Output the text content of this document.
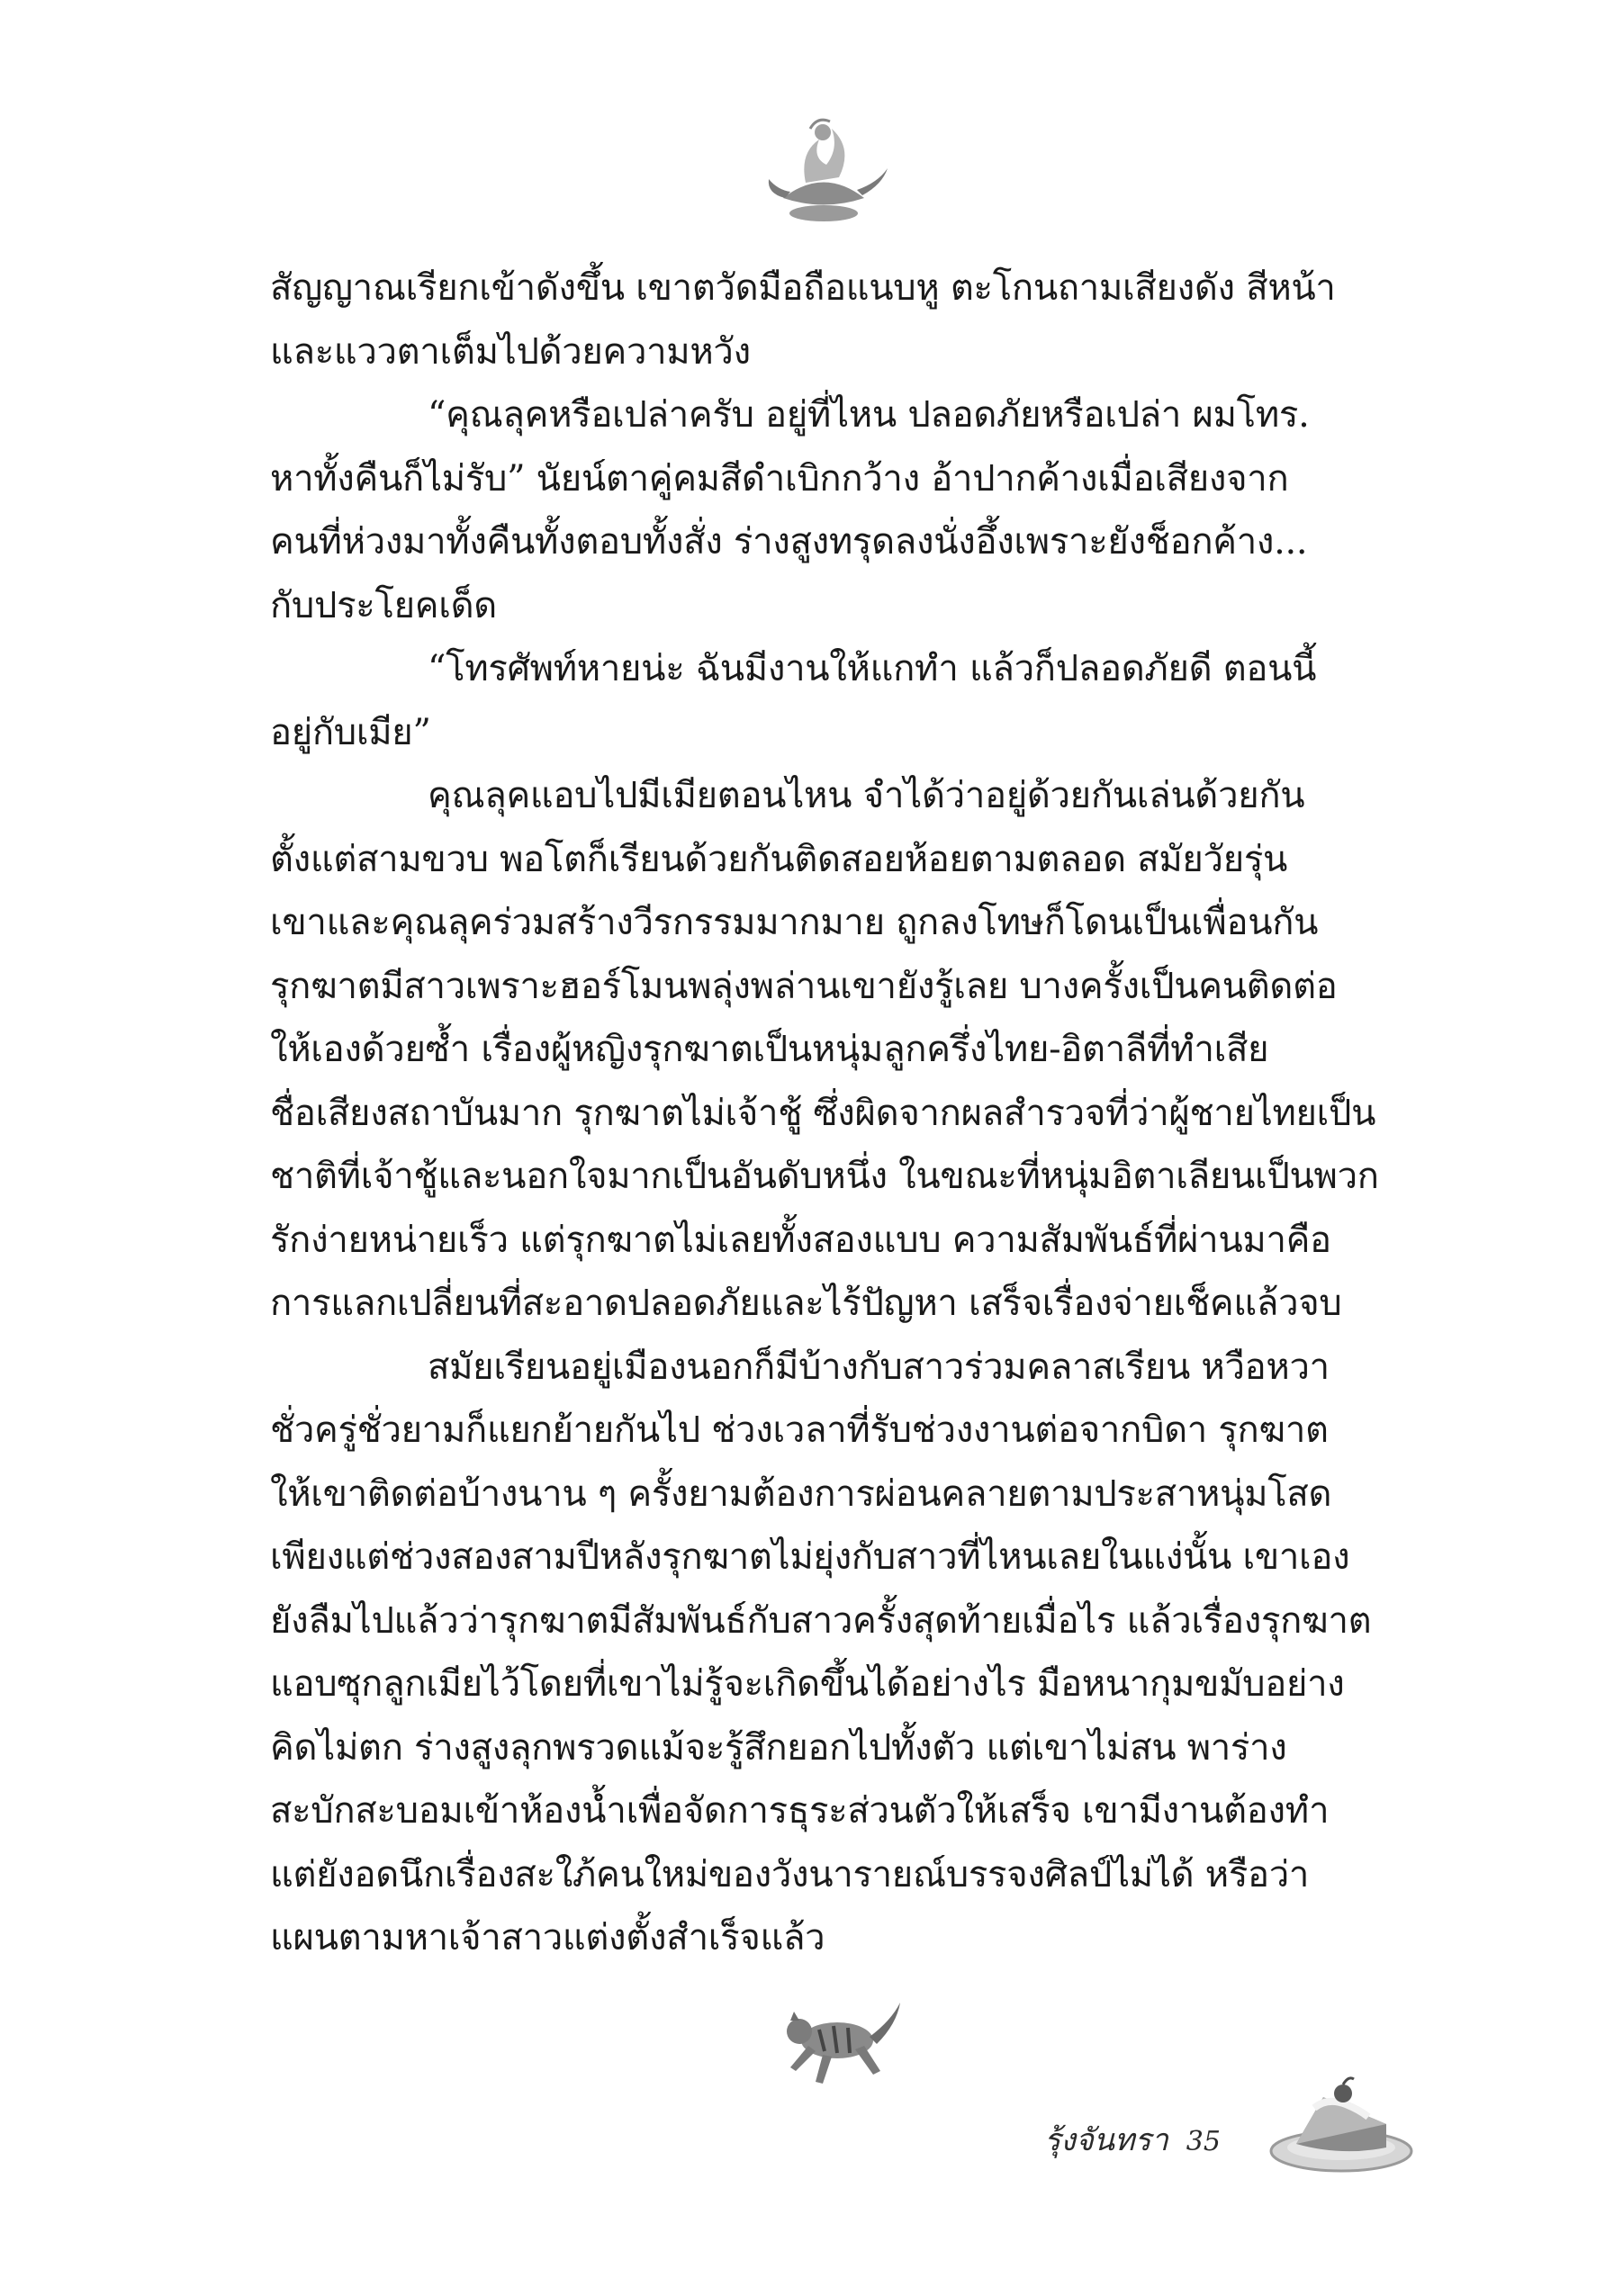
สัญญาณเรียกเข้าดังขึ้น เขาตวัดมือถือแนบหู ตะโกนถามเสียงดัง สีหน้า
และแววตาเต็มไปด้วยความหวัง
“คุณลุคหรือเปล่าครับ อยู่ที่ไหน ปลอดภัยหรือเปล่า ผมโทร.
หาทั้งคืนก็ไม่รับ” นัยน์ตาคู่คมสีดำเบิกกว้าง อ้าปากค้างเมื่อเสียงจาก
คนที่ห่วงมาทั้งคืนทั้งตอบทั้งสั่ง ร่างสูงทรุดลงนั่งอึ้งเพราะยังช็อกค้าง...
กับประโยคเด็ด
“โทรศัพท์หายน่ะ ฉันมีงานให้แกทำ แล้วก็ปลอดภัยดี ตอนนี้
อยู่กับเมีย”
คุณลุคแอบไปมีเมียตอนไหน จำได้ว่าอยู่ด้วยกันเล่นด้วยกัน
ตั้งแต่สามขวบ พอโตก็เรียนด้วยกันติดสอยห้อยตามตลอด สมัยวัยรุ่น
เขาและคุณลุคร่วมสร้างวีรกรรมมากมาย ถูกลงโทษก็โดนเป็นเพื่อนกัน
รุกฆาตมีสาวเพราะฮอร์โมนพลุ่งพล่านเขายังรู้เลย บางครั้งเป็นคนติดต่อ
ให้เองด้วยซ้ำ เรื่องผู้หญิงรุกฆาตเป็นหนุ่มลูกครึ่งไทย-อิตาลีที่ทำเสีย
ชื่อเสียงสถาบันมาก รุกฆาตไม่เจ้าชู้ ซึ่งผิดจากผลสำรวจที่ว่าผู้ชายไทยเป็น
ชาติที่เจ้าชู้และนอกใจมากเป็นอันดับหนึ่ง ในขณะที่หนุ่มอิตาเลียนเป็นพวก
รักง่ายหน่ายเร็ว แต่รุกฆาตไม่เลยทั้งสองแบบ ความสัมพันธ์ที่ผ่านมาคือ
การแลกเปลี่ยนที่สะอาดปลอดภัยและไร้ปัญหา เสร็จเรื่องจ่ายเช็คแล้วจบ
สมัยเรียนอยู่เมืองนอกก็มีบ้างกับสาวร่วมคลาสเรียน หวือหวา
ชั่วครู่ชั่วยามก็แยกย้ายกันไป ช่วงเวลาที่รับช่วงงานต่อจากบิดา รุกฆาต
ให้เขาติดต่อบ้างนาน ๆ ครั้งยามต้องการผ่อนคลายตามประสาหนุ่มโสด
เพียงแต่ช่วงสองสามปีหลังรุกฆาตไม่ยุ่งกับสาวที่ไหนเลยในแง่นั้น เขาเอง
ยังลืมไปแล้วว่ารุกฆาตมีสัมพันธ์กับสาวครั้งสุดท้ายเมื่อไร แล้วเรื่องรุกฆาต
แอบซุกลูกเมียไว้โดยที่เขาไม่รู้จะเกิดขึ้นได้อย่างไร มือหนากุมขมับอย่าง
คิดไม่ตก ร่างสูงลุกพรวดแม้จะรู้สึกยอกไปทั้งตัว แต่เขาไม่สน พาร่าง
สะบักสะบอมเข้าห้องน้ำเพื่อจัดการธุระส่วนตัวให้เสร็จ เขามีงานต้องทำ
แต่ยังอดนึกเรื่องสะใภ้คนใหม่ของวังนารายณ์บรรจงศิลป์ไม่ได้ หรือว่า
แผนตามหาเจ้าสาวแต่งตั้งสำเร็จแล้ว
รุ้งจันทรา 35
